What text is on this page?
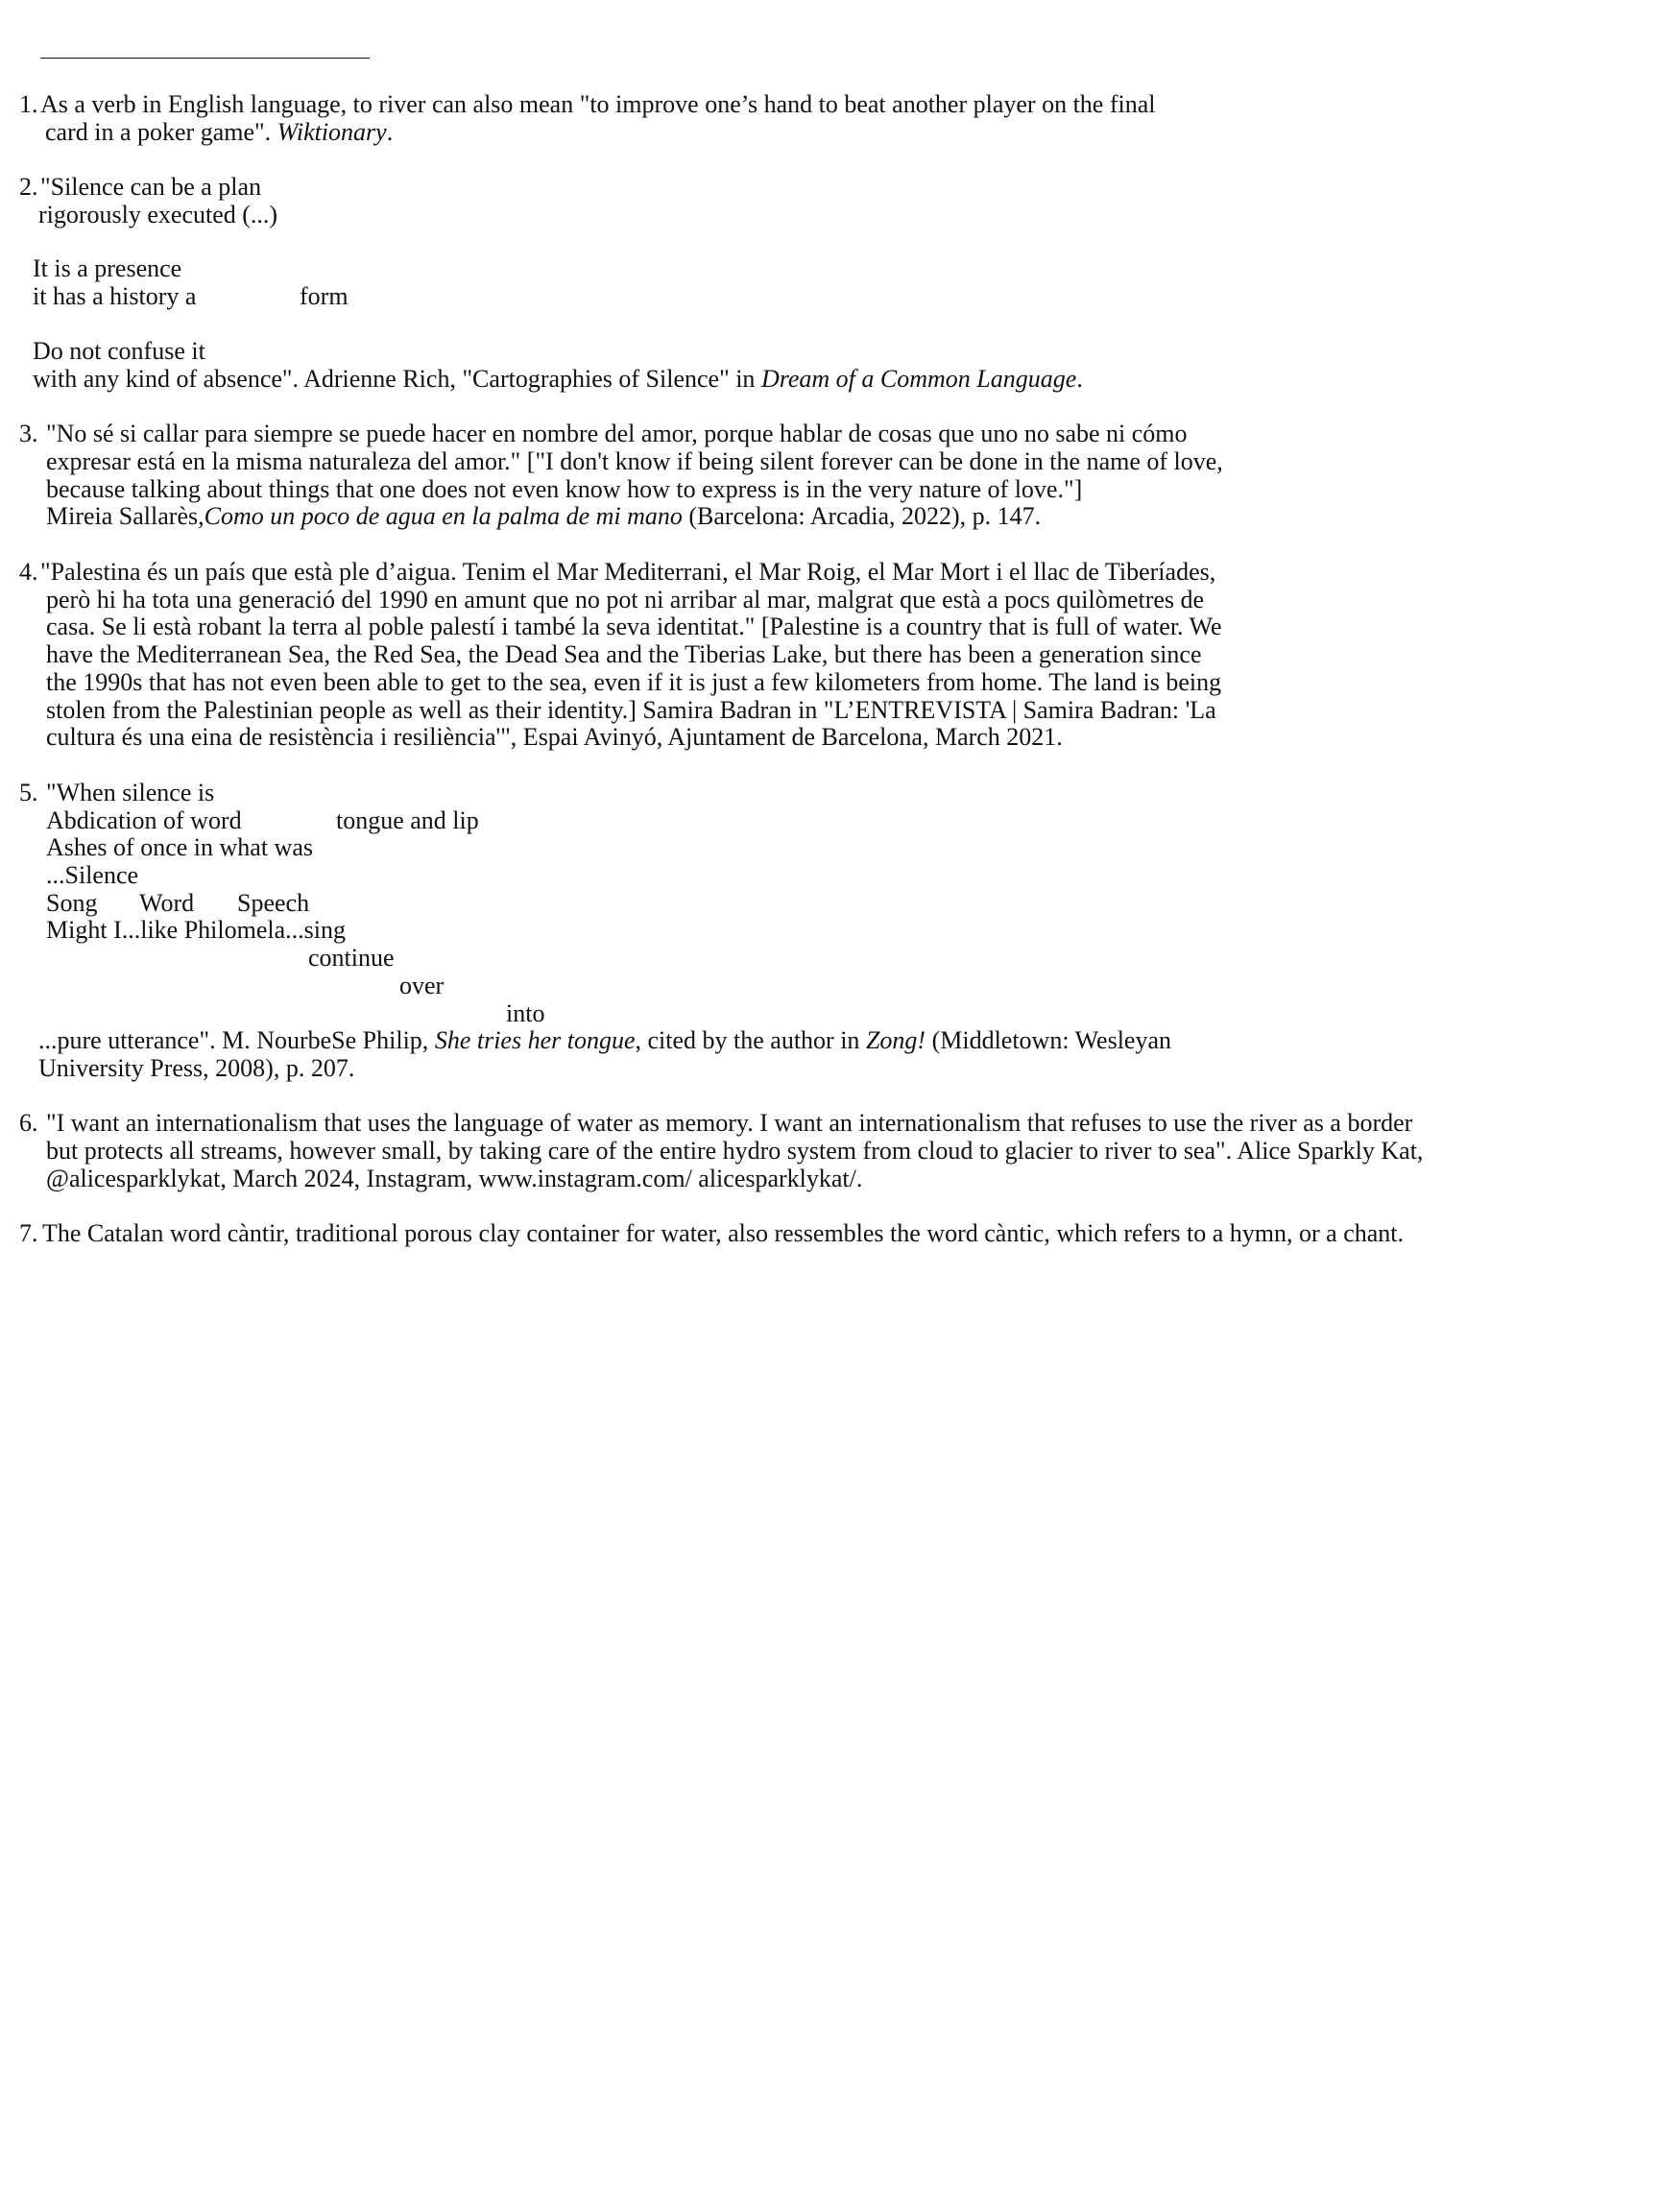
1. As a verb in English language, to river can also mean "to improve one’s hand to beat another player on the final
card in a poker game". Wiktionary.
2. "Silence can be a plan
rigorously executed (...)
It is a presence
it has a history a	form
Do not confuse it
with any kind of absence". Adrienne Rich, "Cartographies of Silence" in Dream of a Common Language.
3. "No sé si callar para siempre se puede hacer en nombre del amor, porque hablar de cosas que uno no sabe ni cómo
expresar está en la misma naturaleza del amor." ["I don't know if being silent forever can be done in the name of love,
because talking about things that one does not even know how to express is in the very nature of love."]
Mireia Sallarès,Como un poco de agua en la palma de mi mano (Barcelona: Arcadia, 2022), p. 147.
4. "Palestina és un país que està ple d’aigua. Tenim el Mar Mediterrani, el Mar Roig, el Mar Mort i el llac de Tiberíades,
però hi ha tota una generació del 1990 en amunt que no pot ni arribar al mar, malgrat que està a pocs quilòmetres de
casa. Se li està robant la terra al poble palestí i també la seva identitat." [Palestine is a country that is full of water. We
have the Mediterranean Sea, the Red Sea, the Dead Sea and the Tiberias Lake, but there has been a generation since
the 1990s that has not even been able to get to the sea, even if it is just a few kilometers from home. The land is being
stolen from the Palestinian people as well as their identity.] Samira Badran in "L’ENTREVISTA | Samira Badran: 'La
cultura és una eina de resistència i resiliència'", Espai Avinyó, Ajuntament de Barcelona, March 2021.
5. "When silence is
Abdication of word	tongue and lip
Ashes of once in what was
...Silence
Song Word Speech
Might I...like Philomela...sing
continue
over
into
...pure utterance". M. NourbeSe Philip, She tries her tongue, cited by the author in Zong! (Middletown: Wesleyan
University Press, 2008), p. 207.
6. "I want an internationalism that uses the language of water as memory. I want an internationalism that refuses to use the river as a border
but protects all streams, however small, by taking care of the entire hydro system from cloud to glacier to river to sea". Alice Sparkly Kat,
@alicesparklykat, March 2024, Instagram, www.instagram.com/ alicesparklykat/.
7. The Catalan word càntir, traditional porous clay container for water, also ressembles the word càntic, which refers to a hymn, or a chant.
